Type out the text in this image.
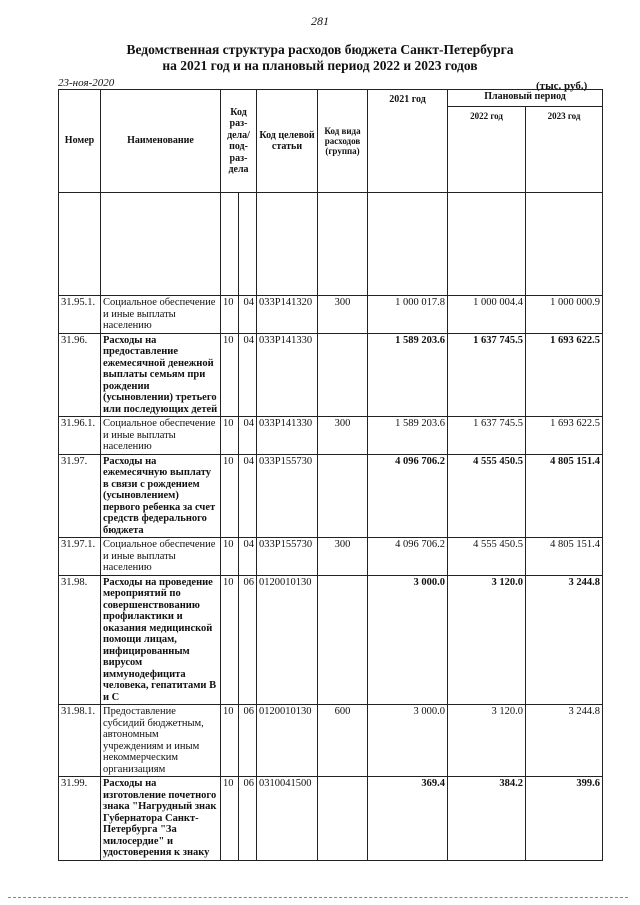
281
Ведомственная структура расходов бюджета Санкт-Петербурга
на 2021 год и на плановый период 2022 и 2023 годов
23-ноя-2020	(тыс. руб.)
Номер	Наименование	Код раз-дела/ под-раз-дела		Код целевой статьи	Код вида расходов (группа)	2021 год	Плановый период	
							2022 год	2023 год

31.95.1.	Социальное обеспечение и иные выплаты населению	10	04	033P141320	300	1 000 017.8	1 000 004.4	1 000 000.9
31.96.	Расходы на предоставление ежемесячной денежной выплаты семьям при рождении (усыновлении) третьего или последующих детей	10	04	033P141330		1 589 203.6	1 637 745.5	1 693 622.5
31.96.1.	Социальное обеспечение и иные выплаты населению	10	04	033P141330	300	1 589 203.6	1 637 745.5	1 693 622.5
31.97.	Расходы на ежемесячную выплату в связи с рождением (усыновлением) первого ребенка за счет средств федерального бюджета	10	04	033P155730		4 096 706.2	4 555 450.5	4 805 151.4
31.97.1.	Социальное обеспечение и иные выплаты населению	10	04	033P155730	300	4 096 706.2	4 555 450.5	4 805 151.4
31.98.	Расходы на проведение мероприятий по совершенствованию профилактики и оказания медицинской помощи лицам, инфицированным вирусом иммунодефицита человека, гепатитами В и С	10	06	0120010130		3 000.0	3 120.0	3 244.8
31.98.1.	Предоставление субсидий бюджетным, автономным учреждениям и иным некоммерческим организациям	10	06	0120010130	600	3 000.0	3 120.0	3 244.8
31.99.	Расходы на изготовление почетного знака "Нагрудный знак Губернатора Санкт-Петербурга "За милосердие" и удостоверения к знаку	10	06	0310041500		369.4	384.2	399.6
